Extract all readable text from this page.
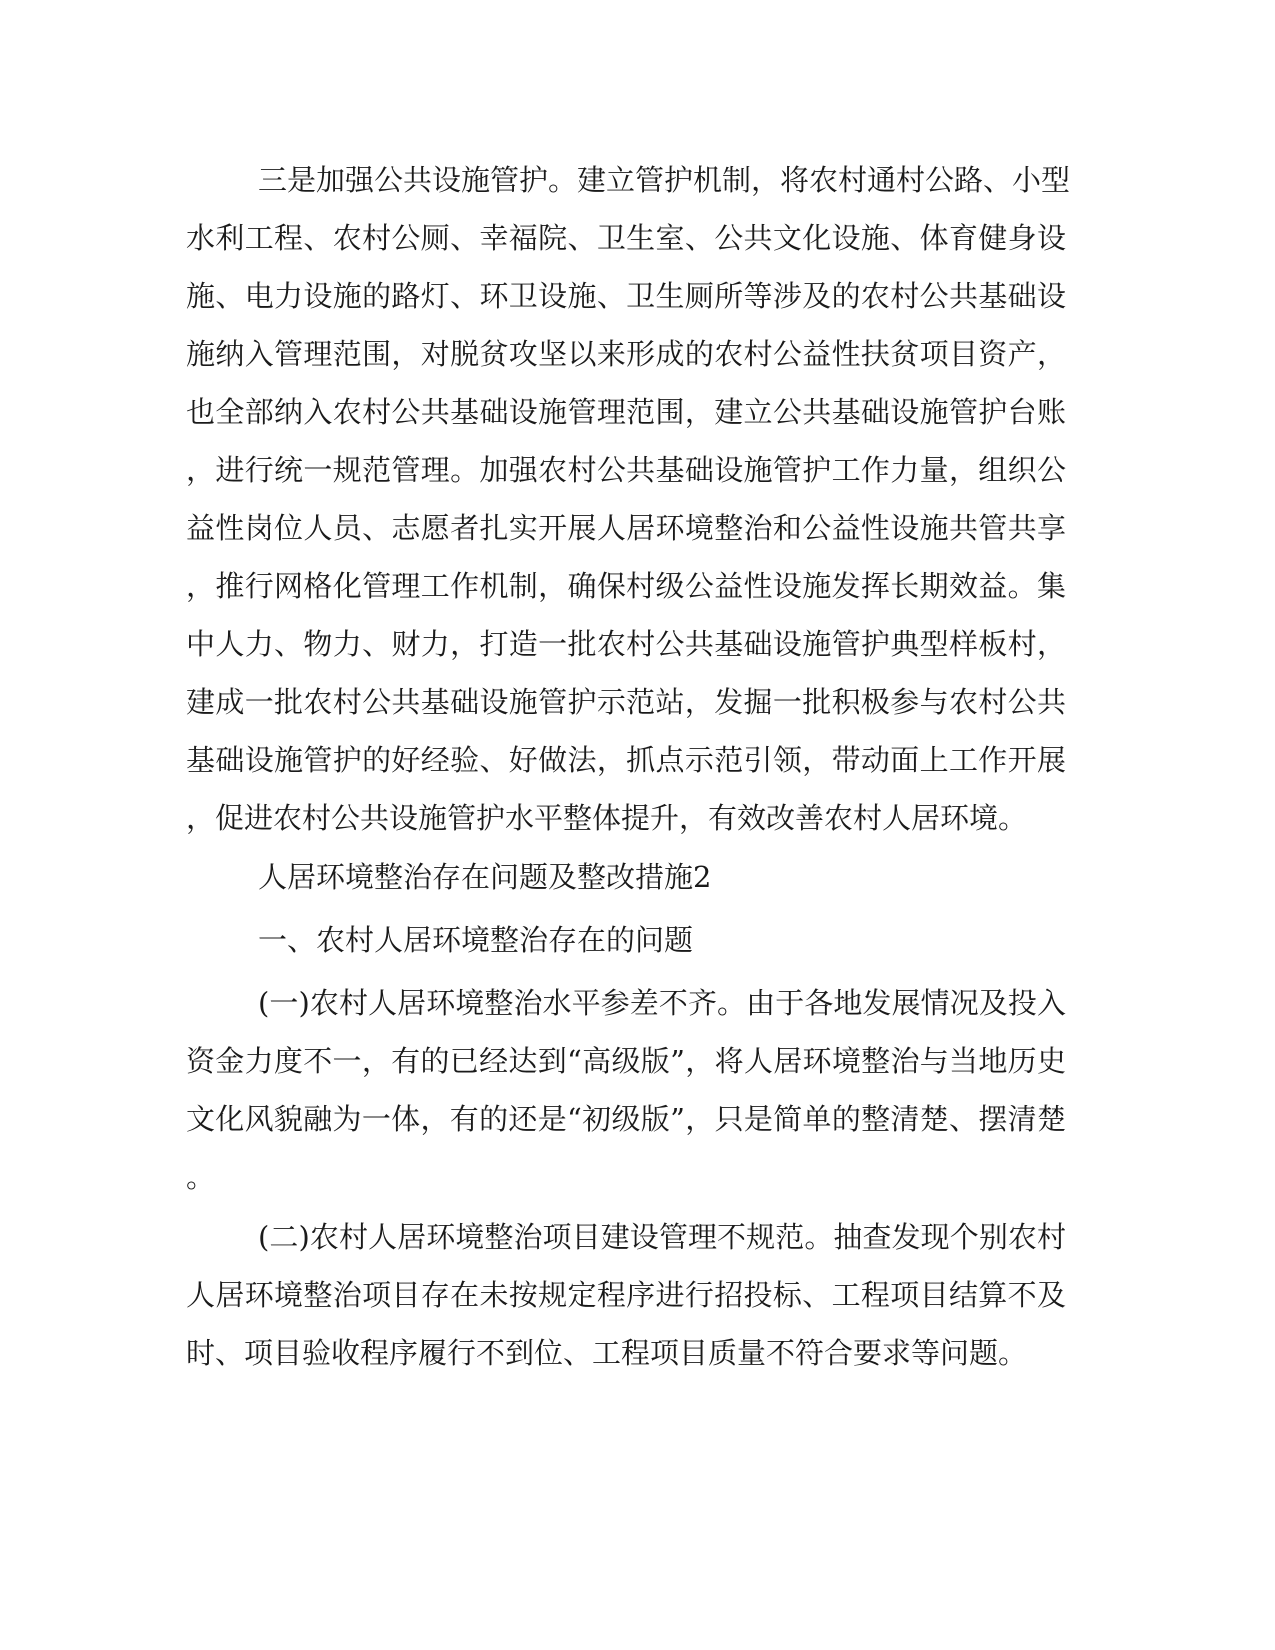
三是加强公共设施管护。建立管护机制，将农村通村公路、小型
水利工程、农村公厕、幸福院、卫生室、公共文化设施、体育健身设
施、电力设施的路灯、环卫设施、卫生厕所等涉及的农村公共基础设
施纳入管理范围，对脱贫攻坚以来形成的农村公益性扶贫项目资产，
也全部纳入农村公共基础设施管理范围，建立公共基础设施管护台账
，进行统一规范管理。加强农村公共基础设施管护工作力量，组织公
益性岗位人员、志愿者扎实开展人居环境整治和公益性设施共管共享
，推行网格化管理工作机制，确保村级公益性设施发挥长期效益。集
中人力、物力、财力，打造一批农村公共基础设施管护典型样板村，
建成一批农村公共基础设施管护示范站，发掘一批积极参与农村公共
基础设施管护的好经验、好做法，抓点示范引领，带动面上工作开展
，促进农村公共设施管护水平整体提升，有效改善农村人居环境。
人居环境整治存在问题及整改措施2
一、农村人居环境整治存在的问题
(一)农村人居环境整治水平参差不齐。由于各地发展情况及投入
资金力度不一，有的已经达到“高级版”，将人居环境整治与当地历史
文化风貌融为一体，有的还是“初级版”，只是简单的整清楚、摆清楚
。
(二)农村人居环境整治项目建设管理不规范。抽查发现个别农村
人居环境整治项目存在未按规定程序进行招投标、工程项目结算不及
时、项目验收程序履行不到位、工程项目质量不符合要求等问题。
